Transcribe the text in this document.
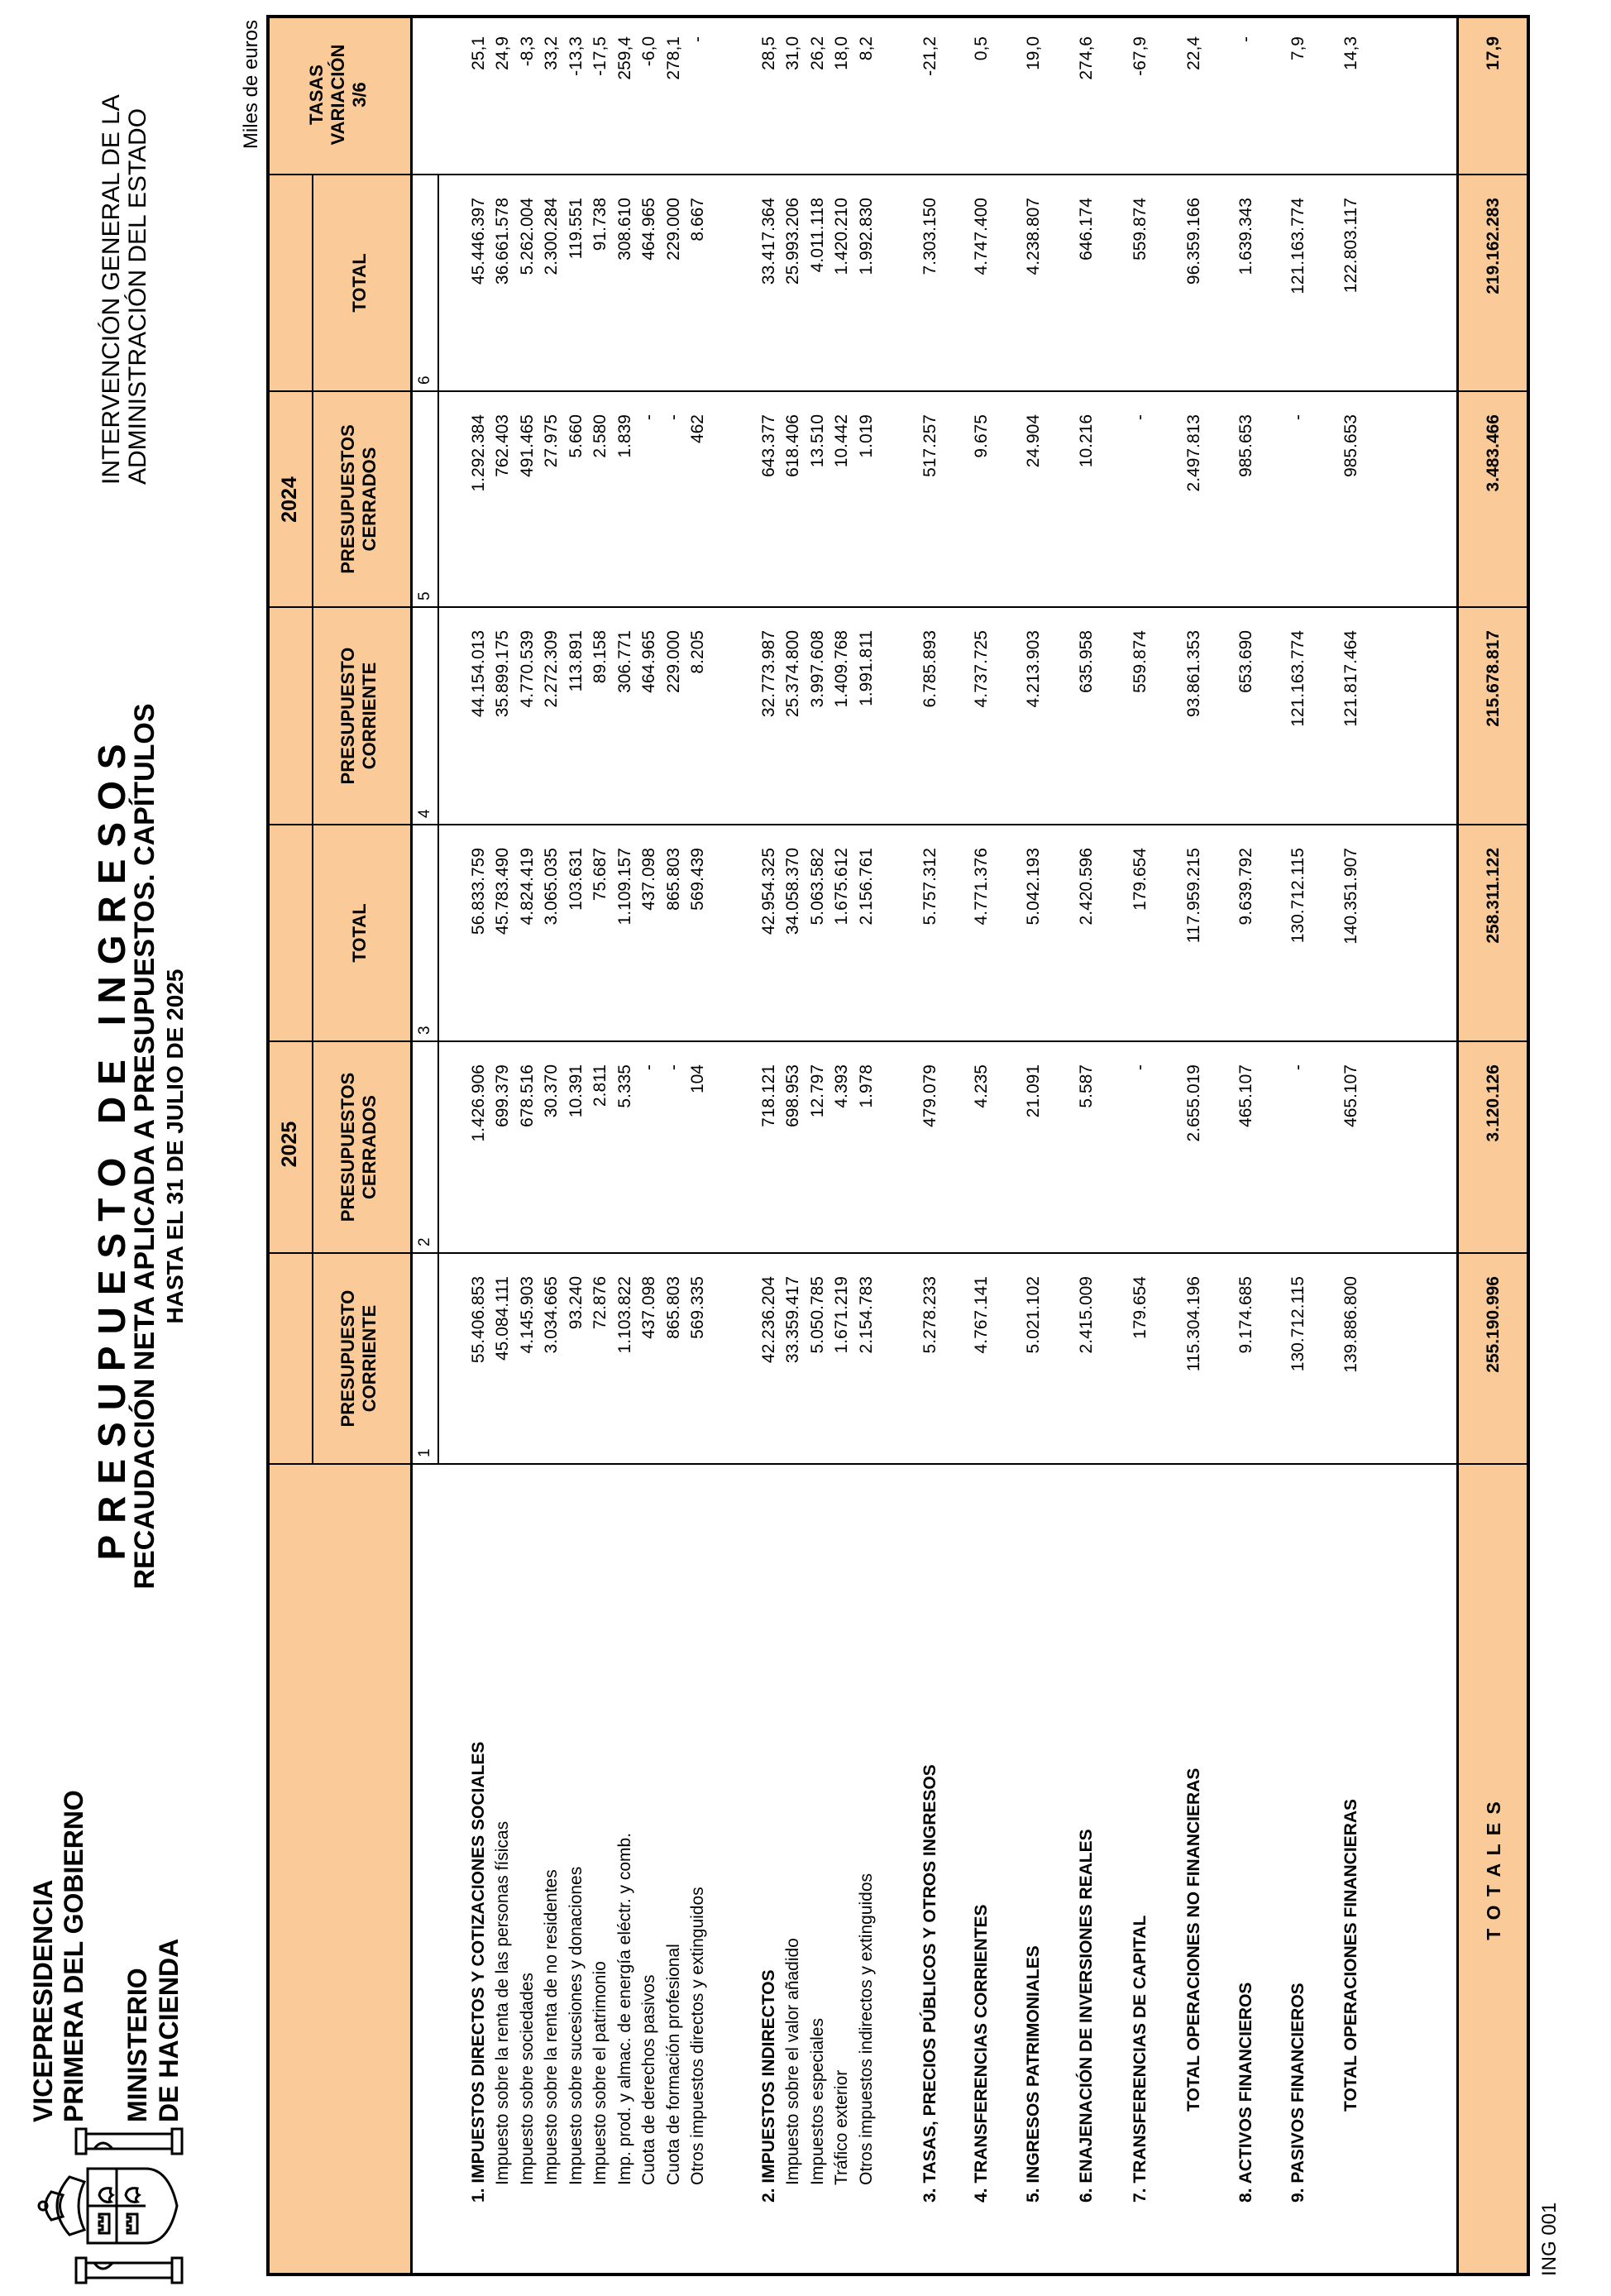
VICEPRESIDENCIA PRIMERA DEL GOBIERNO MINISTERIO DE HACIENDA
PRESUPUESTO DE INGRESOS
RECAUDACIÓN NETA APLICADA A PRESUPUESTOS. CAPÍTULOS HASTA EL 31 DE JULIO DE 2025
INTERVENCIÓN GENERAL DE LA ADMINISTRACIÓN DEL ESTADO
Miles de euros
ING 001
2025
2024
PRESUPUESTO CORRIENTE
PRESUPUESTOS CERRADOS
TOTAL
PRESUPUESTO CORRIENTE
PRESUPUESTOS CERRADOS
TOTAL
TASAS VARIACIÓN 3/6
1
2
3
4
5
6
1. IMPUESTOS DIRECTOS Y COTIZACIONES SOCIALES
55.406.853
1.426.906
56.833.759
44.154.013
1.292.384
45.446.397
25,1
Impuesto sobre la renta de las personas físicas
45.084.111
699.379
45.783.490
35.899.175
762.403
36.661.578
24,9
Impuesto sobre sociedades
4.145.903
678.516
4.824.419
4.770.539
491.465
5.262.004
-8,3
Impuesto sobre la renta de no residentes
3.034.665
30.370
3.065.035
2.272.309
27.975
2.300.284
33,2
Impuesto sobre sucesiones y donaciones
93.240
10.391
103.631
113.891
5.660
119.551
-13,3
Impuesto sobre el patrimonio
72.876
2.811
75.687
89.158
2.580
91.738
-17,5
Imp. prod. y almac. de energía eléctr. y comb.
1.103.822
5.335
1.109.157
306.771
1.839
308.610
259,4
Cuota de derechos pasivos
437.098
-
437.098
464.965
-
464.965
-6,0
Cuota de formación profesional
865.803
-
865.803
229.000
-
229.000
278,1
Otros impuestos directos y extinguidos
569.335
104
569.439
8.205
462
8.667
-
2. IMPUESTOS INDIRECTOS
42.236.204
718.121
42.954.325
32.773.987
643.377
33.417.364
28,5
Impuesto sobre el valor añadido
33.359.417
698.953
34.058.370
25.374.800
618.406
25.993.206
31,0
Impuestos especiales
5.050.785
12.797
5.063.582
3.997.608
13.510
4.011.118
26,2
Tráfico exterior
1.671.219
4.393
1.675.612
1.409.768
10.442
1.420.210
18,0
Otros impuestos indirectos y extinguidos
2.154.783
1.978
2.156.761
1.991.811
1.019
1.992.830
8,2
3. TASAS, PRECIOS PÚBLICOS Y OTROS INGRESOS
5.278.233
479.079
5.757.312
6.785.893
517.257
7.303.150
-21,2
4. TRANSFERENCIAS CORRIENTES
4.767.141
4.235
4.771.376
4.737.725
9.675
4.747.400
0,5
5. INGRESOS PATRIMONIALES
5.021.102
21.091
5.042.193
4.213.903
24.904
4.238.807
19,0
6. ENAJENACIÓN DE INVERSIONES REALES
2.415.009
5.587
2.420.596
635.958
10.216
646.174
274,6
7. TRANSFERENCIAS DE CAPITAL
179.654
-
179.654
559.874
-
559.874
-67,9
TOTAL OPERACIONES NO FINANCIERAS
115.304.196
2.655.019
117.959.215
93.861.353
2.497.813
96.359.166
22,4
8. ACTIVOS FINANCIEROS
9.174.685
465.107
9.639.792
653.690
985.653
1.639.343
-
9. PASIVOS FINANCIEROS
130.712.115
-
130.712.115
121.163.774
-
121.163.774
7,9
TOTAL OPERACIONES FINANCIERAS
139.886.800
465.107
140.351.907
121.817.464
985.653
122.803.117
14,3
T O T A L E S
255.190.996
3.120.126
258.311.122
215.678.817
3.483.466
219.162.283
17,9
